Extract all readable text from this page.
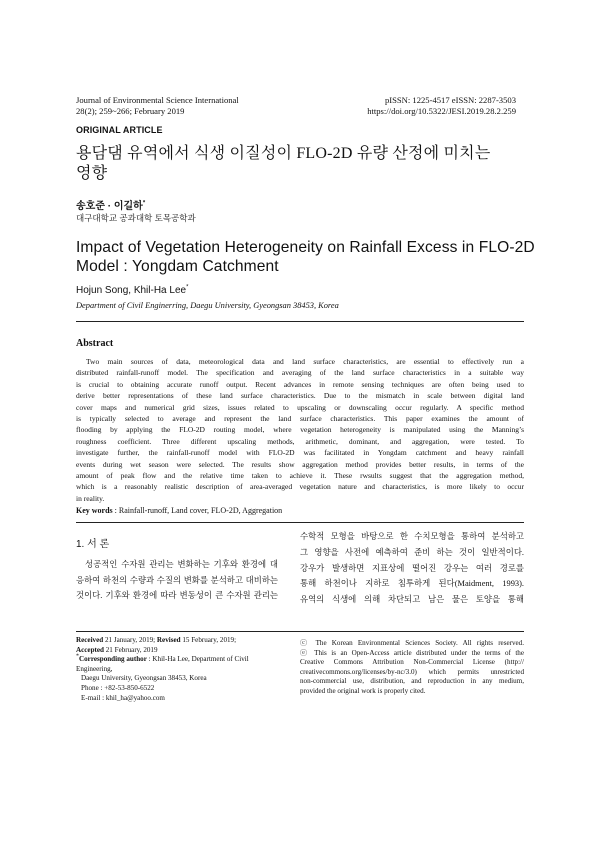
Journal of Environmental Science International
28(2); 259~266; February 2019
pISSN: 1225-4517 eISSN: 2287-3503
https://doi.org/10.5322/JESI.2019.28.2.259
ORIGINAL ARTICLE
용담댐 유역에서 식생 이질성이 FLO-2D 유량 산정에 미치는
영향
송호준 · 이길하*
대구대학교 공과대학 토목공학과
Impact of Vegetation Heterogeneity on Rainfall Excess in FLO-2D
Model : Yongdam Catchment
Hojun Song, Khil-Ha Lee*
Department of Civil Enginerring, Daegu University, Gyeongsan 38453, Korea
Abstract
Two main sources of data, meteorological data and land surface characteristics, are essential to effectively run a
distributed rainfall-runoff model. The specification and averaging of the land surface characteristics in a suitable way
is crucial to obtaining accurate runoff output. Recent advances in remote sensing techniques are often being used to
derive better representations of these land surface characteristics. Due to the mismatch in scale between digital land
cover maps and numerical grid sizes, issues related to upscaling or downscaling occur regularly. A specific method
is typically selected to average and represent the land surface characteristics. This paper examines the amount of
flooding by applying the FLO-2D routing model, where vegetation heterogeneity is manipulated using the Manning’s
roughness coefficient. Three different upscaling methods, arithmetic, dominant, and aggregation, were tested. To
investigate further, the rainfall-runoff model with FLO-2D was facilitated in Yongdam catchment and heavy rainfall
events during wet season were selected. The results show aggregation method provides better results, in terms of the
amount of peak flow and the relative time taken to achieve it. These rwsults suggest that the aggregation method,
which is a reasonably realistic description of area-averaged vegetation nature and characteristics, is more likely to occur
in reality.
Key words : Rainfall-runoff, Land cover, FLO-2D, Aggregation
1. 서 론
성공적인 수자원 관리는 변화하는 기후와 환경에 대
응하여 하천의 수량과 수질의 변화를 분석하고 대비하는
것이다. 기후와 환경에 따라 변동성이 큰 수자원 관리는
수학적 모형을 바탕으로 한 수치모형을 통하여 분석하고
그 영향을 사전에 예측하여 준비 하는 것이 일반적이다.
강우가 발생하면 지표상에 떨어진 강우는 여러 경로를
통해 하천이나 지하로 침투하게 된다(Maidment, 1993).
유역의 식생에 의해 차단되고 남은 물은 토양을 통해
Received 21 January, 2019; Revised 15 February, 2019;
Accepted 21 February, 2019
*Corresponding author : Khil-Ha Lee, Department of Civil Engineering,
Daegu University, Gyeongsan 38453, Korea
Phone : +82-53-850-6522
E-mail : khil_ha@yahoo.com
ⓒ The Korean Environmental Sciences Society. All rights reserved.
ⓔ This is an Open-Access article distributed under the terms of the
Creative Commons Attribution Non-Commercial License (http://
creativecommons.org/licenses/by-nc/3.0) which permits unrestricted
non-commercial use, distribution, and reproduction in any medium,
provided the original work is properly cited.
